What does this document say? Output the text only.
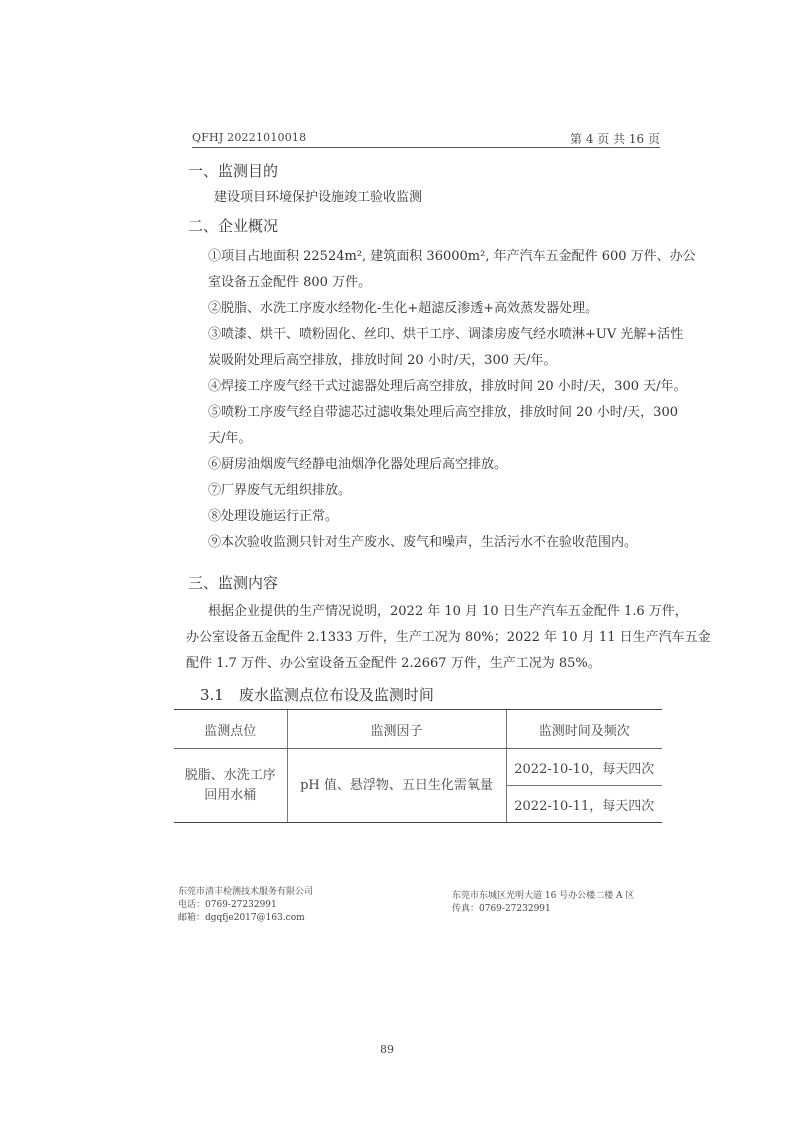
QFHJ 20221010018	第 4 页 共 16 页
一、监测目的
建设项目环境保护设施竣工验收监测
二、企业概况
①项目占地面积 22524m², 建筑面积 36000m², 年产汽车五金配件 600 万件、办公
室设备五金配件 800 万件。
②脱脂、水洗工序废水经物化-生化+超滤反渗透+高效蒸发器处理。
③喷漆、烘干、喷粉固化、丝印、烘干工序、调漆房废气经水喷淋+UV 光解+活性
炭吸附处理后高空排放，排放时间 20 小时/天，300 天/年。
④焊接工序废气经干式过滤器处理后高空排放，排放时间 20 小时/天，300 天/年。
⑤喷粉工序废气经自带滤芯过滤收集处理后高空排放，排放时间 20 小时/天，300
天/年。
⑥厨房油烟废气经静电油烟净化器处理后高空排放。
⑦厂界废气无组织排放。
⑧处理设施运行正常。
⑨本次验收监测只针对生产废水、废气和噪声，生活污水不在验收范围内。
三、监测内容
根据企业提供的生产情况说明，2022 年 10 月 10 日生产汽车五金配件 1.6 万件，
办公室设备五金配件 2.1333 万件，生产工况为 80%；2022 年 10 月 11 日生产汽车五金
配件 1.7 万件、办公室设备五金配件 2.2667 万件，生产工况为 85%。
3.1　废水监测点位布设及监测时间
监测点位	监测因子	监测时间及频次

脱脂、水洗工序
回用水桶	pH 值、悬浮物、五日生化需氧量	2022-10-10，每天四次
		2022-10-11，每天四次
东莞市清丰检测技术服务有限公司
电话：0769-27232991
邮箱：dgqfje2017@163.com
东莞市东城区光明大道 16 号办公楼二楼 A 区
传真：0769-27232991
89
